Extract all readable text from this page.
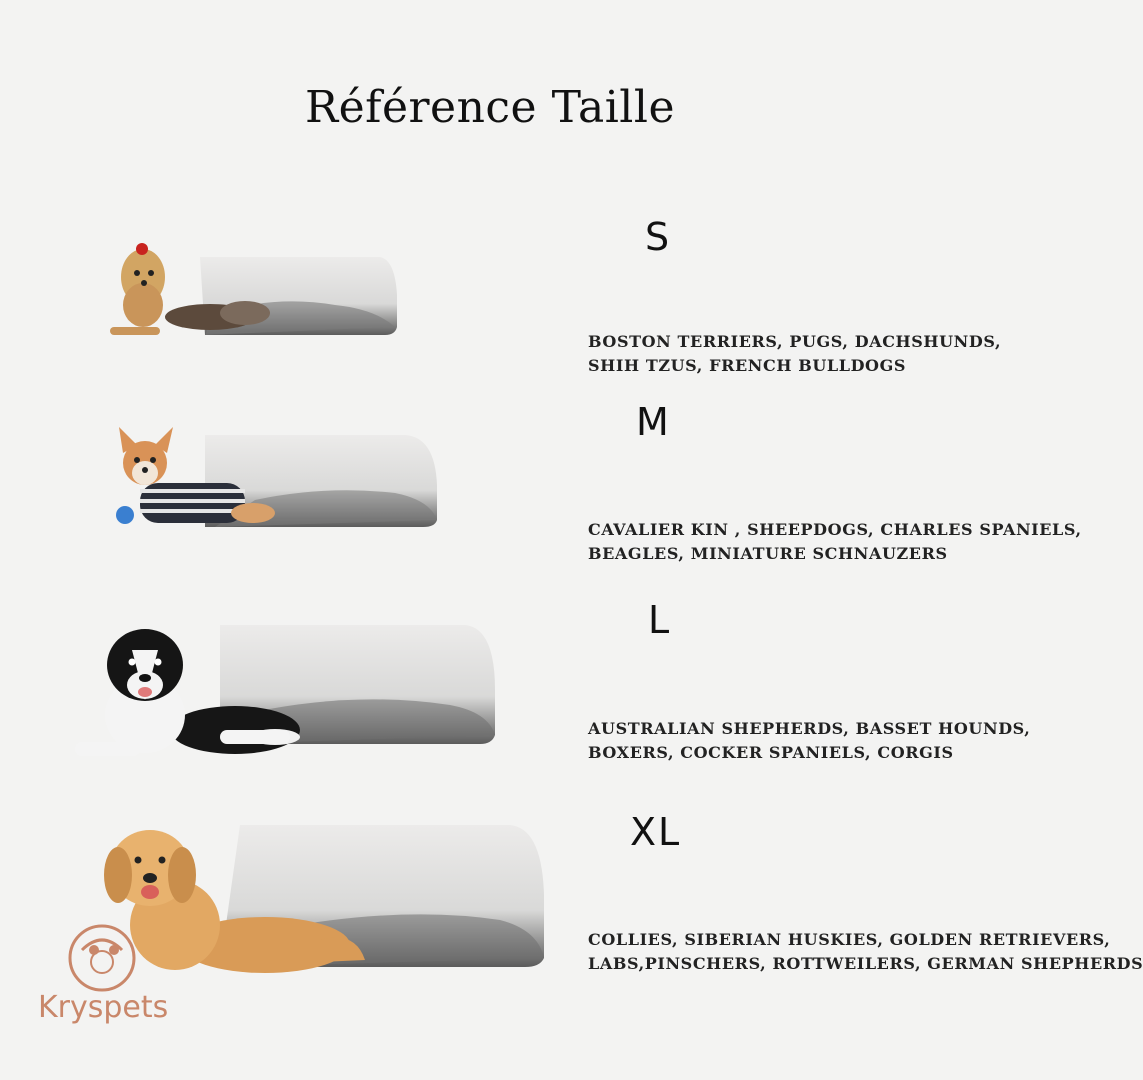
Référence Taille
S
BOSTON TERRIERS, PUGS, DACHSHUNDS,
SHIH TZUS, FRENCH BULLDOGS
M
CAVALIER KIN , SHEEPDOGS, CHARLES SPANIELS,
BEAGLES, MINIATURE SCHNAUZERS
L
AUSTRALIAN SHEPHERDS, BASSET HOUNDS,
BOXERS, COCKER SPANIELS, CORGIS
XL
COLLIES, SIBERIAN HUSKIES, GOLDEN RETRIEVERS,
LABS,PINSCHERS, ROTTWEILERS, GERMAN SHEPHERDS
Kryspets
